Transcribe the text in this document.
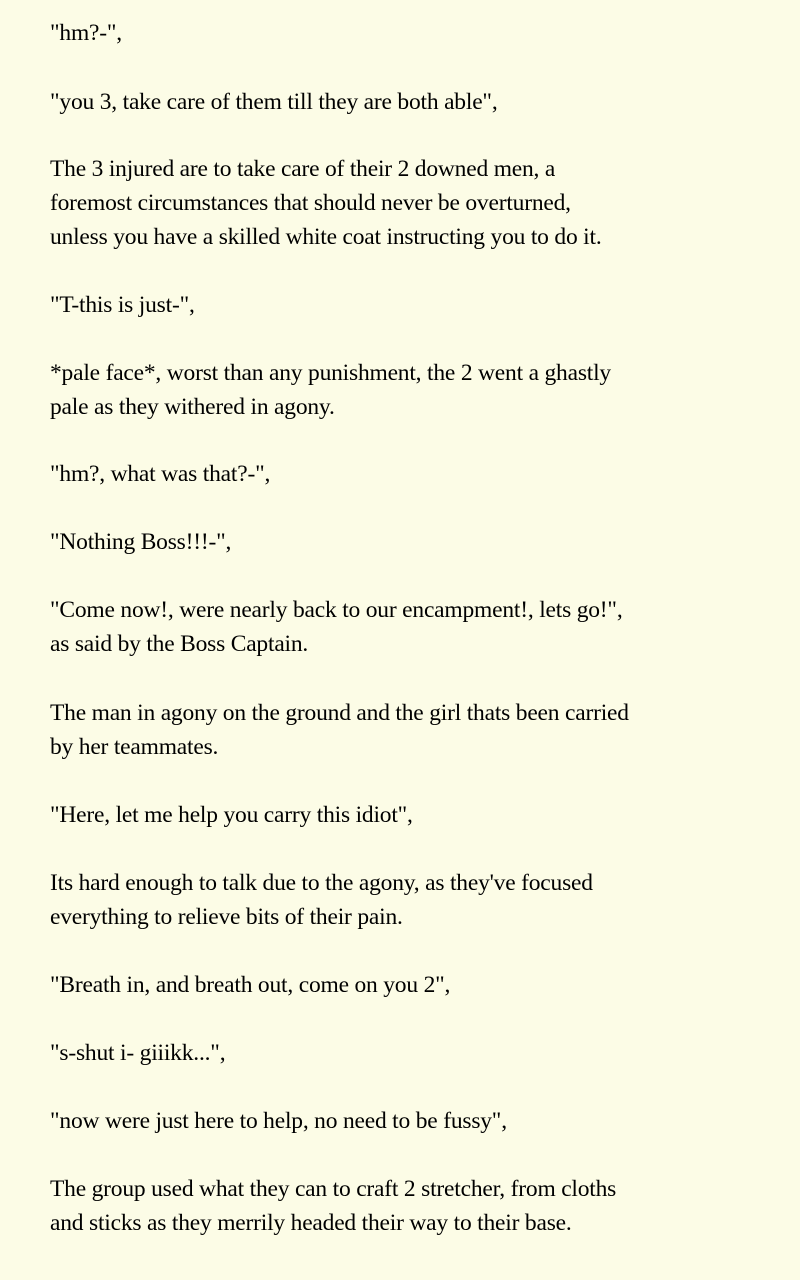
"hm?-",

"you 3, take care of them till they are both able",

The 3 injured are to take care of their 2 downed men, a
foremost circumstances that should never be overturned,
unless you have a skilled white coat instructing you to do it.

"T-this is just-",

*pale face*, worst than any punishment, the 2 went a ghastly
pale as they withered in agony.

"hm?, what was that?-",

"Nothing Boss!!!-",

"Come now!, were nearly back to our encampment!, lets go!",
as said by the Boss Captain.

The man in agony on the ground and the girl thats been carried
by her teammates.

"Here, let me help you carry this idiot",

Its hard enough to talk due to the agony, as they've focused
everything to relieve bits of their pain.

"Breath in, and breath out, come on you 2",

"s-shut i- giiikk...",

"now were just here to help, no need to be fussy",

The group used what they can to craft 2 stretcher, from cloths
and sticks as they merrily headed their way to their base.
